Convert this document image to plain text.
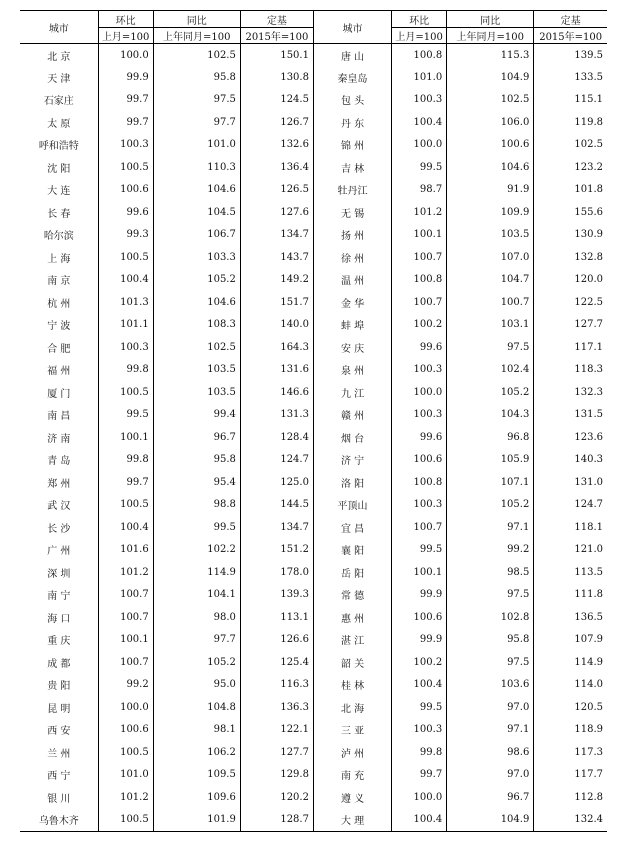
城市	环比	同比	定基	城市	环比	同比	定基
	上月=100	上年同月=100	2015年=100		上月=100	上年同月=100	2015年=100
北 京	100.0	102.5	150.1	唐 山	100.8	115.3	139.5
天 津	99.9	95.8	130.8	秦皇岛	101.0	104.9	133.5
石家庄	99.7	97.5	124.5	包 头	100.3	102.5	115.1
太 原	99.7	97.7	126.7	丹 东	100.4	106.0	119.8
呼和浩特	100.3	101.0	132.6	锦 州	100.0	100.6	102.5
沈 阳	100.5	110.3	136.4	吉 林	99.5	104.6	123.2
大 连	100.6	104.6	126.5	牡丹江	98.7	91.9	101.8
长 春	99.6	104.5	127.6	无 锡	101.2	109.9	155.6
哈尔滨	99.3	106.7	134.7	扬 州	100.1	103.5	130.9
上 海	100.5	103.3	143.7	徐 州	100.7	107.0	132.8
南 京	100.4	105.2	149.2	温 州	100.8	104.7	120.0
杭 州	101.3	104.6	151.7	金 华	100.7	100.7	122.5
宁 波	101.1	108.3	140.0	蚌 埠	100.2	103.1	127.7
合 肥	100.3	102.5	164.3	安 庆	99.6	97.5	117.1
福 州	99.8	103.5	131.6	泉 州	100.3	102.4	118.3
厦 门	100.5	103.5	146.6	九 江	100.0	105.2	132.3
南 昌	99.5	99.4	131.3	赣 州	100.3	104.3	131.5
济 南	100.1	96.7	128.4	烟 台	99.6	96.8	123.6
青 岛	99.8	95.8	124.7	济 宁	100.6	105.9	140.3
郑 州	99.7	95.4	125.0	洛 阳	100.8	107.1	131.0
武 汉	100.5	98.8	144.5	平顶山	100.3	105.2	124.7
长 沙	100.4	99.5	134.7	宜 昌	100.7	97.1	118.1
广 州	101.6	102.2	151.2	襄 阳	99.5	99.2	121.0
深 圳	101.2	114.9	178.0	岳 阳	100.1	98.5	113.5
南 宁	100.7	104.1	139.3	常 德	99.9	97.5	111.8
海 口	100.7	98.0	113.1	惠 州	100.6	102.8	136.5
重 庆	100.1	97.7	126.6	湛 江	99.9	95.8	107.9
成 都	100.7	105.2	125.4	韶 关	100.2	97.5	114.9
贵 阳	99.2	95.0	116.3	桂 林	100.4	103.6	114.0
昆 明	100.0	104.8	136.3	北 海	99.5	97.0	120.5
西 安	100.6	98.1	122.1	三 亚	100.3	97.1	118.9
兰 州	100.5	106.2	127.7	泸 州	99.8	98.6	117.3
西 宁	101.0	109.5	129.8	南 充	99.7	97.0	117.7
银 川	101.2	109.6	120.2	遵 义	100.0	96.7	112.8
乌鲁木齐	100.5	101.9	128.7	大 理	100.4	104.9	132.4
